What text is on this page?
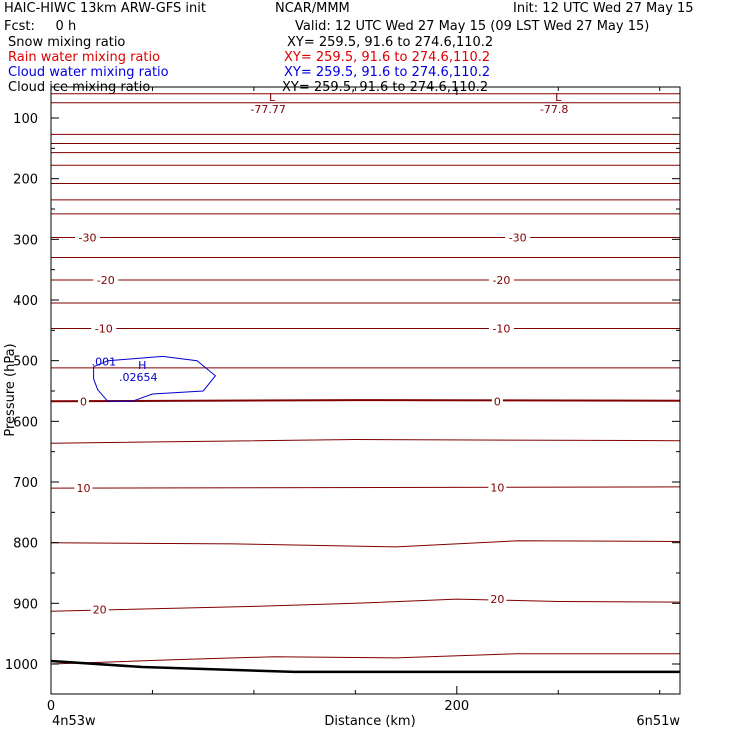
HAIC-HIWC 13km ARW-GFS init	NCAR/MMM	Init: 12 UTC Wed 27 May 15
Fcst:     0 h	Valid: 12 UTC Wed 27 May 15 (09 LST Wed 27 May 15)
Snow mixing ratio	XY= 259.5, 91.6 to 274.6,110.2
Rain water mixing ratio	XY= 259.5, 91.6 to 274.6,110.2
Cloud water mixing ratio	XY= 259.5, 91.6 to 274.6,110.2
Cloud ice mixing ratio	XY= 259.5, 91.6 to 274.6,110.2
.001
-30	-30
-20	-20
-10	-10
0	0
10	10
20
20
L
-77.77
L
-77.8
H
.02654
100
200
300
400
500
600
700
800
900
1000
0	200
Pressure (hPa)
Distance (km)
4n53w	6n51w
